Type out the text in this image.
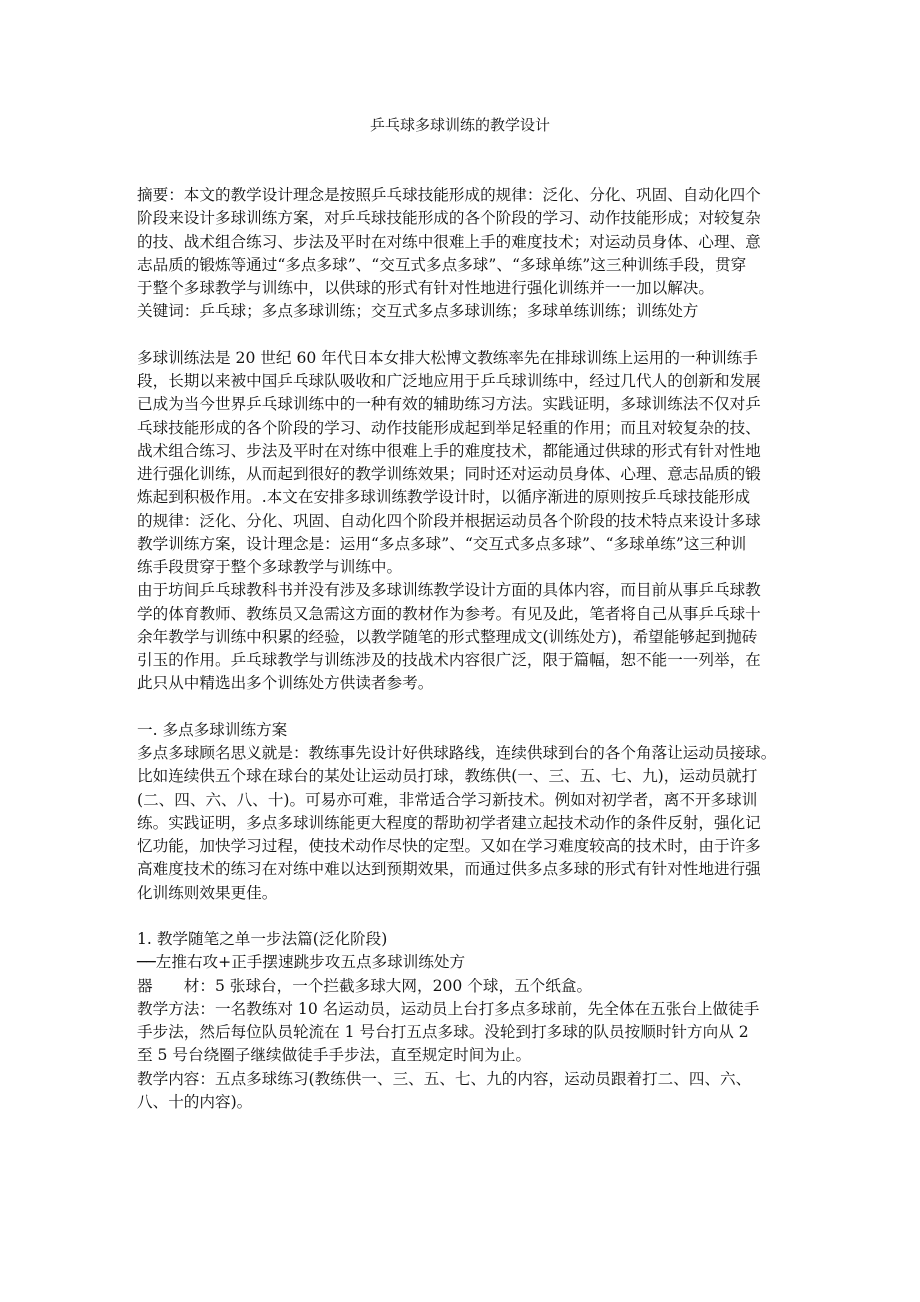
乒乓球多球训练的教学设计
摘要：本文的教学设计理念是按照乒乓球技能形成的规律：泛化、分化、巩固、自动化四个
阶段来设计多球训练方案，对乒乓球技能形成的各个阶段的学习、动作技能形成；对较复杂
的技、战术组合练习、步法及平时在对练中很难上手的难度技术；对运动员身体、心理、意
志品质的锻炼等通过“多点多球”、“交互式多点多球”、“多球单练”这三种训练手段，贯穿
于整个多球教学与训练中，以供球的形式有针对性地进行强化训练并一一加以解决。
关键词：乒乓球；多点多球训练；交互式多点多球训练；多球单练训练；训练处方
多球训练法是 20 世纪 60 年代日本女排大松博文教练率先在排球训练上运用的一种训练手
段，长期以来被中国乒乓球队吸收和广泛地应用于乒乓球训练中，经过几代人的创新和发展
已成为当今世界乒乓球训练中的一种有效的辅助练习方法。实践证明，多球训练法不仅对乒
乓球技能形成的各个阶段的学习、动作技能形成起到举足轻重的作用；而且对较复杂的技、
战术组合练习、步法及平时在对练中很难上手的难度技术，都能通过供球的形式有针对性地
进行强化训练，从而起到很好的教学训练效果；同时还对运动员身体、心理、意志品质的锻
炼起到积极作用。.本文在安排多球训练教学设计时，以循序渐进的原则按乒乓球技能形成
的规律：泛化、分化、巩固、自动化四个阶段并根据运动员各个阶段的技术特点来设计多球
教学训练方案，设计理念是：运用“多点多球”、“交互式多点多球”、“多球单练”这三种训
练手段贯穿于整个多球教学与训练中。
由于坊间乒乓球教科书并没有涉及多球训练教学设计方面的具体内容，而目前从事乒乓球教
学的体育教师、教练员又急需这方面的教材作为参考。有见及此，笔者将自己从事乒乓球十
余年教学与训练中积累的经验，以教学随笔的形式整理成文(训练处方)，希望能够起到抛砖
引玉的作用。乒乓球教学与训练涉及的技战术内容很广泛，限于篇幅，恕不能一一列举，在
此只从中精选出多个训练处方供读者参考。
一. 多点多球训练方案
多点多球顾名思义就是：教练事先设计好供球路线，连续供球到台的各个角落让运动员接球。
比如连续供五个球在球台的某处让运动员打球，教练供(一、三、五、七、九)，运动员就打
(二、四、六、八、十)。可易亦可难，非常适合学习新技术。例如对初学者，离不开多球训
练。实践证明，多点多球训练能更大程度的帮助初学者建立起技术动作的条件反射，强化记
忆功能，加快学习过程，使技术动作尽快的定型。又如在学习难度较高的技术时，由于许多
高难度技术的练习在对练中难以达到预期效果，而通过供多点多球的形式有针对性地进行强
化训练则效果更佳。
1. 教学随笔之单一步法篇(泛化阶段)
──左推右攻+正手摆速跳步攻五点多球训练处方
器　　材：5 张球台，一个拦截多球大网，200 个球，五个纸盒。
教学方法：一名教练对 10 名运动员，运动员上台打多点多球前，先全体在五张台上做徒手
手步法，然后每位队员轮流在 1 号台打五点多球。没轮到打多球的队员按顺时针方向从 2
至 5 号台绕圈子继续做徒手手步法，直至规定时间为止。
教学内容：五点多球练习(教练供一、三、五、七、九的内容，运动员跟着打二、四、六、
八、十的内容)。
